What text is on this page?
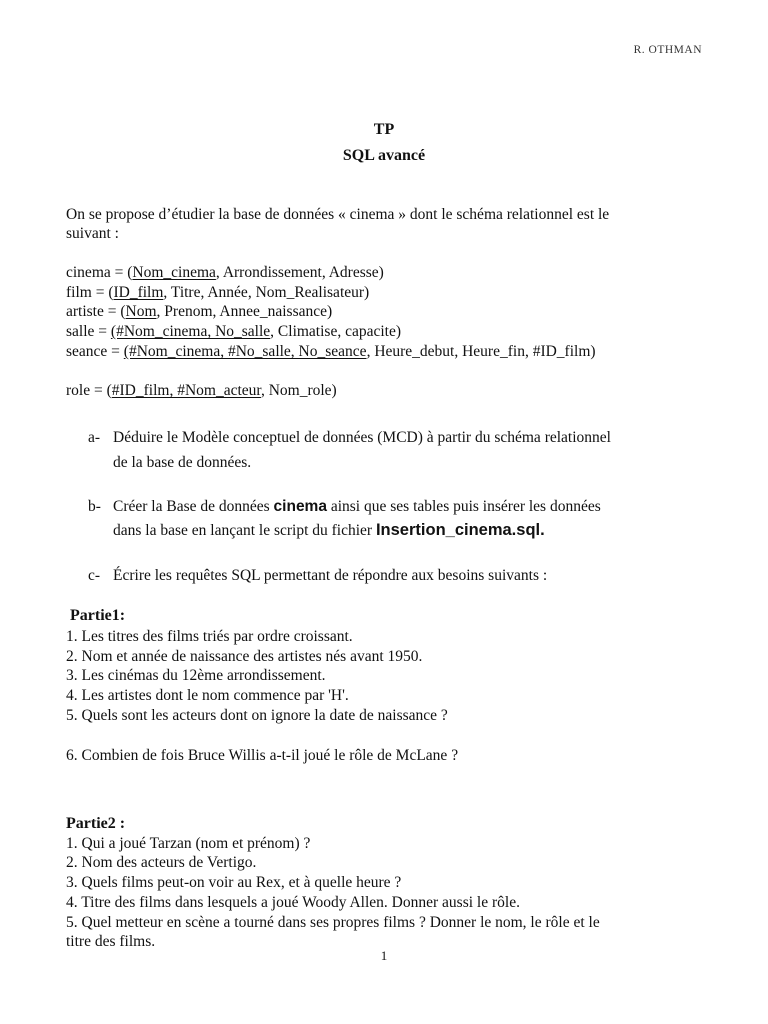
R. OTHMAN
TP
SQL avancé
On se propose d’étudier la base de données « cinema » dont le schéma relationnel est le
suivant :
cinema = (Nom_cinema, Arrondissement, Adresse)
film = (ID_film, Titre, Année, Nom_Realisateur)
artiste = (Nom, Prenom, Annee_naissance)
salle = (#Nom_cinema, No_salle, Climatise, capacite)
seance = (#Nom_cinema, #No_salle, No_seance, Heure_debut, Heure_fin, #ID_film)
role = (#ID_film, #Nom_acteur, Nom_role)
a- Déduire le Modèle conceptuel de données (MCD) à partir du schéma relationnel
de la base de données.
b- Créer la Base de données cinema ainsi que ses tables puis insérer les données
dans la base en lançant le script du fichier Insertion_cinema.sql.
c- Écrire les requêtes SQL permettant de répondre aux besoins suivants :
Partie1:
1. Les titres des films triés par ordre croissant.
2. Nom et année de naissance des artistes nés avant 1950.
3. Les cinémas du 12ème arrondissement.
4. Les artistes dont le nom commence par 'H'.
5. Quels sont les acteurs dont on ignore la date de naissance ?
6. Combien de fois Bruce Willis a-t-il joué le rôle de McLane ?
Partie2 :
1. Qui a joué Tarzan (nom et prénom) ?
2. Nom des acteurs de Vertigo.
3. Quels films peut-on voir au Rex, et à quelle heure ?
4. Titre des films dans lesquels a joué Woody Allen. Donner aussi le rôle.
5. Quel metteur en scène a tourné dans ses propres films ? Donner le nom, le rôle et le
titre des films.
1
